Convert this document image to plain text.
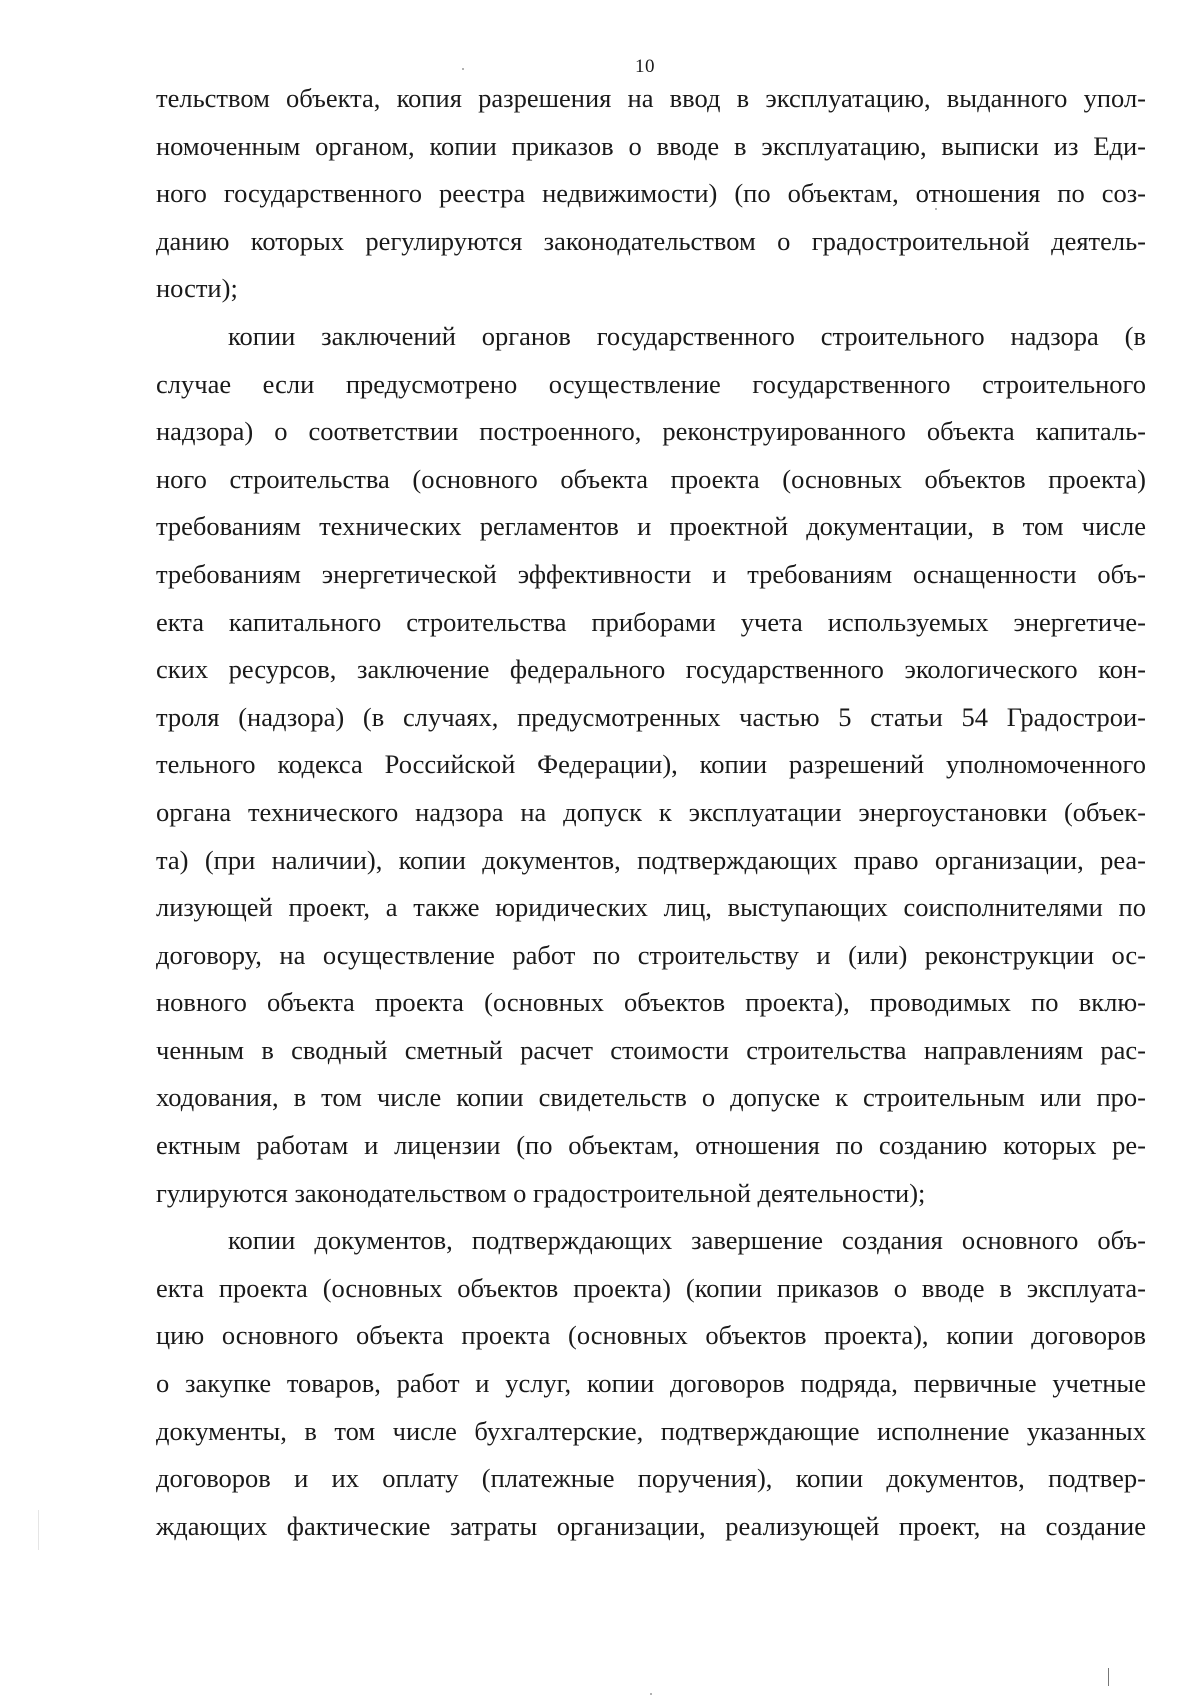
10

тельством объекта, копия разрешения на ввод в эксплуатацию, выданного упол-
номоченным органом, копии приказов о вводе в эксплуатацию, выписки из Еди-
ного государственного реестра недвижимости) (по объектам, отношения по соз-
данию которых регулируются законодательством о градостроительной деятель-
ности);

копии заключений органов государственного строительного надзора (в
случае если предусмотрено осуществление государственного строительного
надзора) о соответствии построенного, реконструированного объекта капиталь-
ного строительства (основного объекта проекта (основных объектов проекта)
требованиям технических регламентов и проектной документации, в том числе
требованиям энергетической эффективности и требованиям оснащенности объ-
екта капитального строительства приборами учета используемых энергетиче-
ских ресурсов, заключение федерального государственного экологического кон-
троля (надзора) (в случаях, предусмотренных частью 5 статьи 54 Градострои-
тельного кодекса Российской Федерации), копии разрешений уполномоченного
органа технического надзора на допуск к эксплуатации энергоустановки (объек-
та) (при наличии), копии документов, подтверждающих право организации, реа-
лизующей проект, а также юридических лиц, выступающих соисполнителями по
договору, на осуществление работ по строительству и (или) реконструкции ос-
новного объекта проекта (основных объектов проекта), проводимых по вклю-
ченным в сводный сметный расчет стоимости строительства направлениям рас-
ходования, в том числе копии свидетельств о допуске к строительным или про-
ектным работам и лицензии (по объектам, отношения по созданию которых ре-
гулируются законодательством о градостроительной деятельности);

копии документов, подтверждающих завершение создания основного объ-
екта проекта (основных объектов проекта) (копии приказов о вводе в эксплуата-
цию основного объекта проекта (основных объектов проекта), копии договоров
о закупке товаров, работ и услуг, копии договоров подряда, первичные учетные
документы, в том числе бухгалтерские, подтверждающие исполнение указанных
договоров и их оплату (платежные поручения), копии документов, подтвер-
ждающих фактические затраты организации, реализующей проект, на создание
